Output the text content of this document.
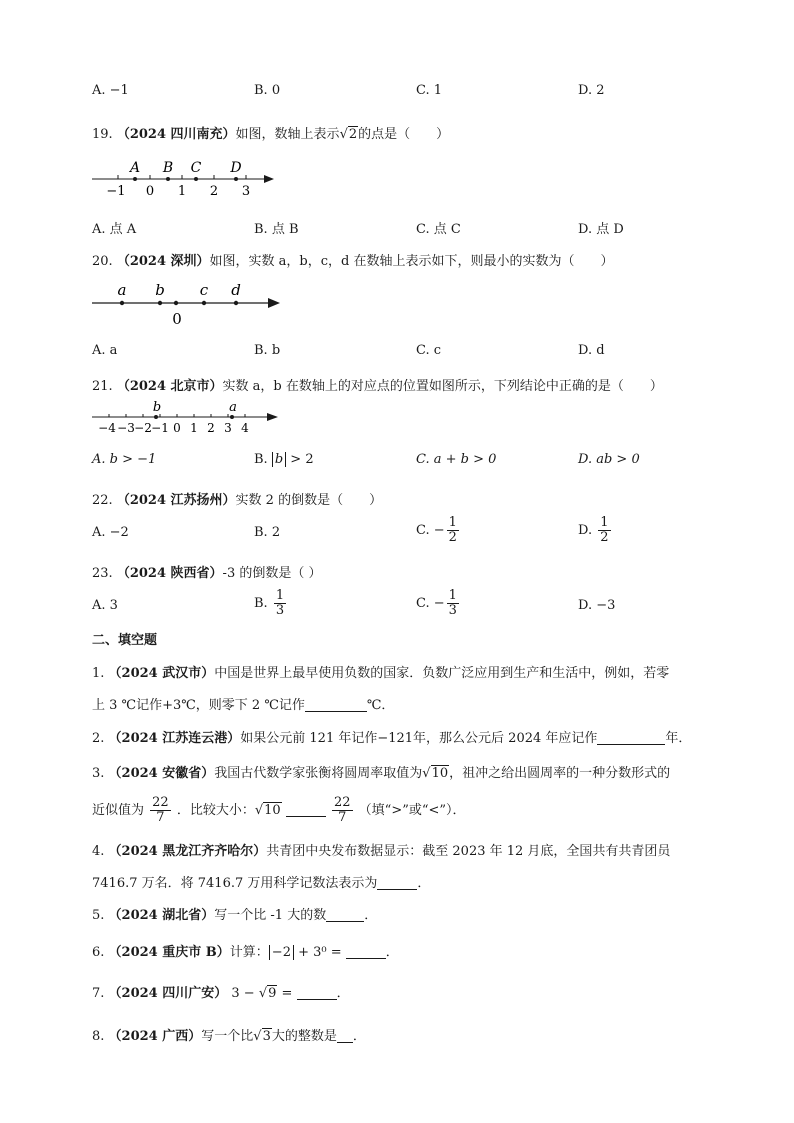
A. −1	B. 0	C. 1	D. 2
19. （2024 四川南充）如图，数轴上表示√2的点是（　　）
A B C D
−1 0 1 2 3
A. 点 A	B. 点 B	C. 点 C	D. 点 D
20. （2024 深圳）如图，实数 a，b，c，d 在数轴上表示如下，则最小的实数为（　　）
a b c d
0
A. a	B. b	C. c	D. d
21. （2024 北京市）实数 a，b 在数轴上的对应点的位置如图所示，下列结论中正确的是（　　）
b	a
−4 −3 −2 −1 0 1 2 3 4
A. b > −1	B. b > 2	C. a + b > 0	D. ab > 0
22. （2024 江苏扬州）实数 2 的倒数是（　　）
A. −2	B. 2	C. − $\frac{1}{2}$	D. $\frac{1}{2}$
23. （2024 陕西省）-3 的倒数是（ ）
A. 3	B. $\frac{1}{3}$	C. − $\frac{1}{3}$	D. −3
二、填空题
1. （2024 武汉市）中国是世界上最早使用负数的国家．负数广泛应用到生产和生活中，例如，若零
上 3 ℃记作+3℃，则零下 2 ℃记作	℃．
2. （2024 江苏连云港）如果公元前 121 年记作−121年，那么公元后 2024 年应记作	年．
3. （2024 安徽省）我国古代数学家张衡将圆周率取值为√10，祖冲之给出圆周率的一种分数形式的
近似值为 $\frac{22}{7}$ ．比较大小：√10	$\frac{22}{7}$ （填“>”或“<”）．
4. （2024 黑龙江齐齐哈尔）共青团中央发布数据显示：截至 2023 年 12 月底，全国共有共青团员
7416.7 万名．将 7416.7 万用科学记数法表示为	．
5. （2024 湖北省）写一个比 -1 大的数	．
6. （2024 重庆市 B）计算： −2 + 3⁰ =	．
7. （2024 四川广安） 3 − √9 =	．
8. （2024 广西）写一个比√3大的整数是 ．
